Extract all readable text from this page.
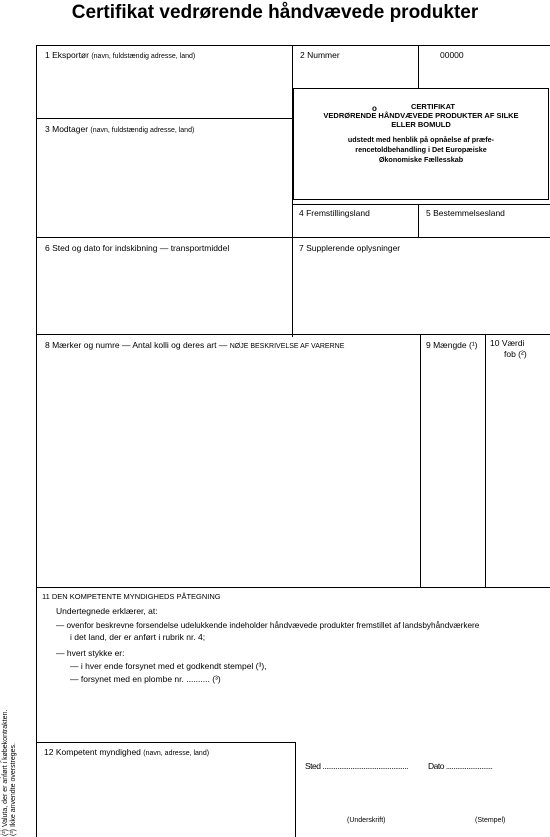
Certifikat vedrørende håndvævede produkter
1 Eksportør (navn, fuldstændig adresse, land)	2 Nummer	00000
o	CERTIFIKAT
VEDRØRENDE HÅNDVÆVEDE PRODUKTER AF SILKE
ELLER BOMULD
udstedt med henblik på opnåelse af præfe-
rencetoldbehandling i Det Europæiske
Økonomiske Fællesskab
3 Modtager (navn, fuldstændig adresse, land)
4 Fremstillingsland	5 Bestemmelsesland
6 Sted og dato for indskibning — transportmiddel	7 Supplerende oplysninger
8 Mærker og numre — Antal kolli og deres art — NØJE BESKRIVELSE AF VARERNE	9 Mængde (¹) 10 Værdi
fob (²)
11 DEN KOMPETENTE MYNDIGHEDS PÅTEGNING
Undertegnede erklærer, at:
— ovenfor beskrevne forsendelse udelukkende indeholder håndvævede produkter fremstillet af landsbyhåndværkere
i det land, der er anført i rubrik nr. 4;
— hvert stykke er:
— i hver ende forsynet med et godkendt stempel (³),
— forsynet med en plombe nr. .......... (³)
12 Kompetent myndighed (navn, adresse, land)
Sted .............................................. Dato .........................
(Underskrift)	(Stempel)
(²) Valuta, der er anført i købekontrakten. (³) Ikke anvendte overstreges.
